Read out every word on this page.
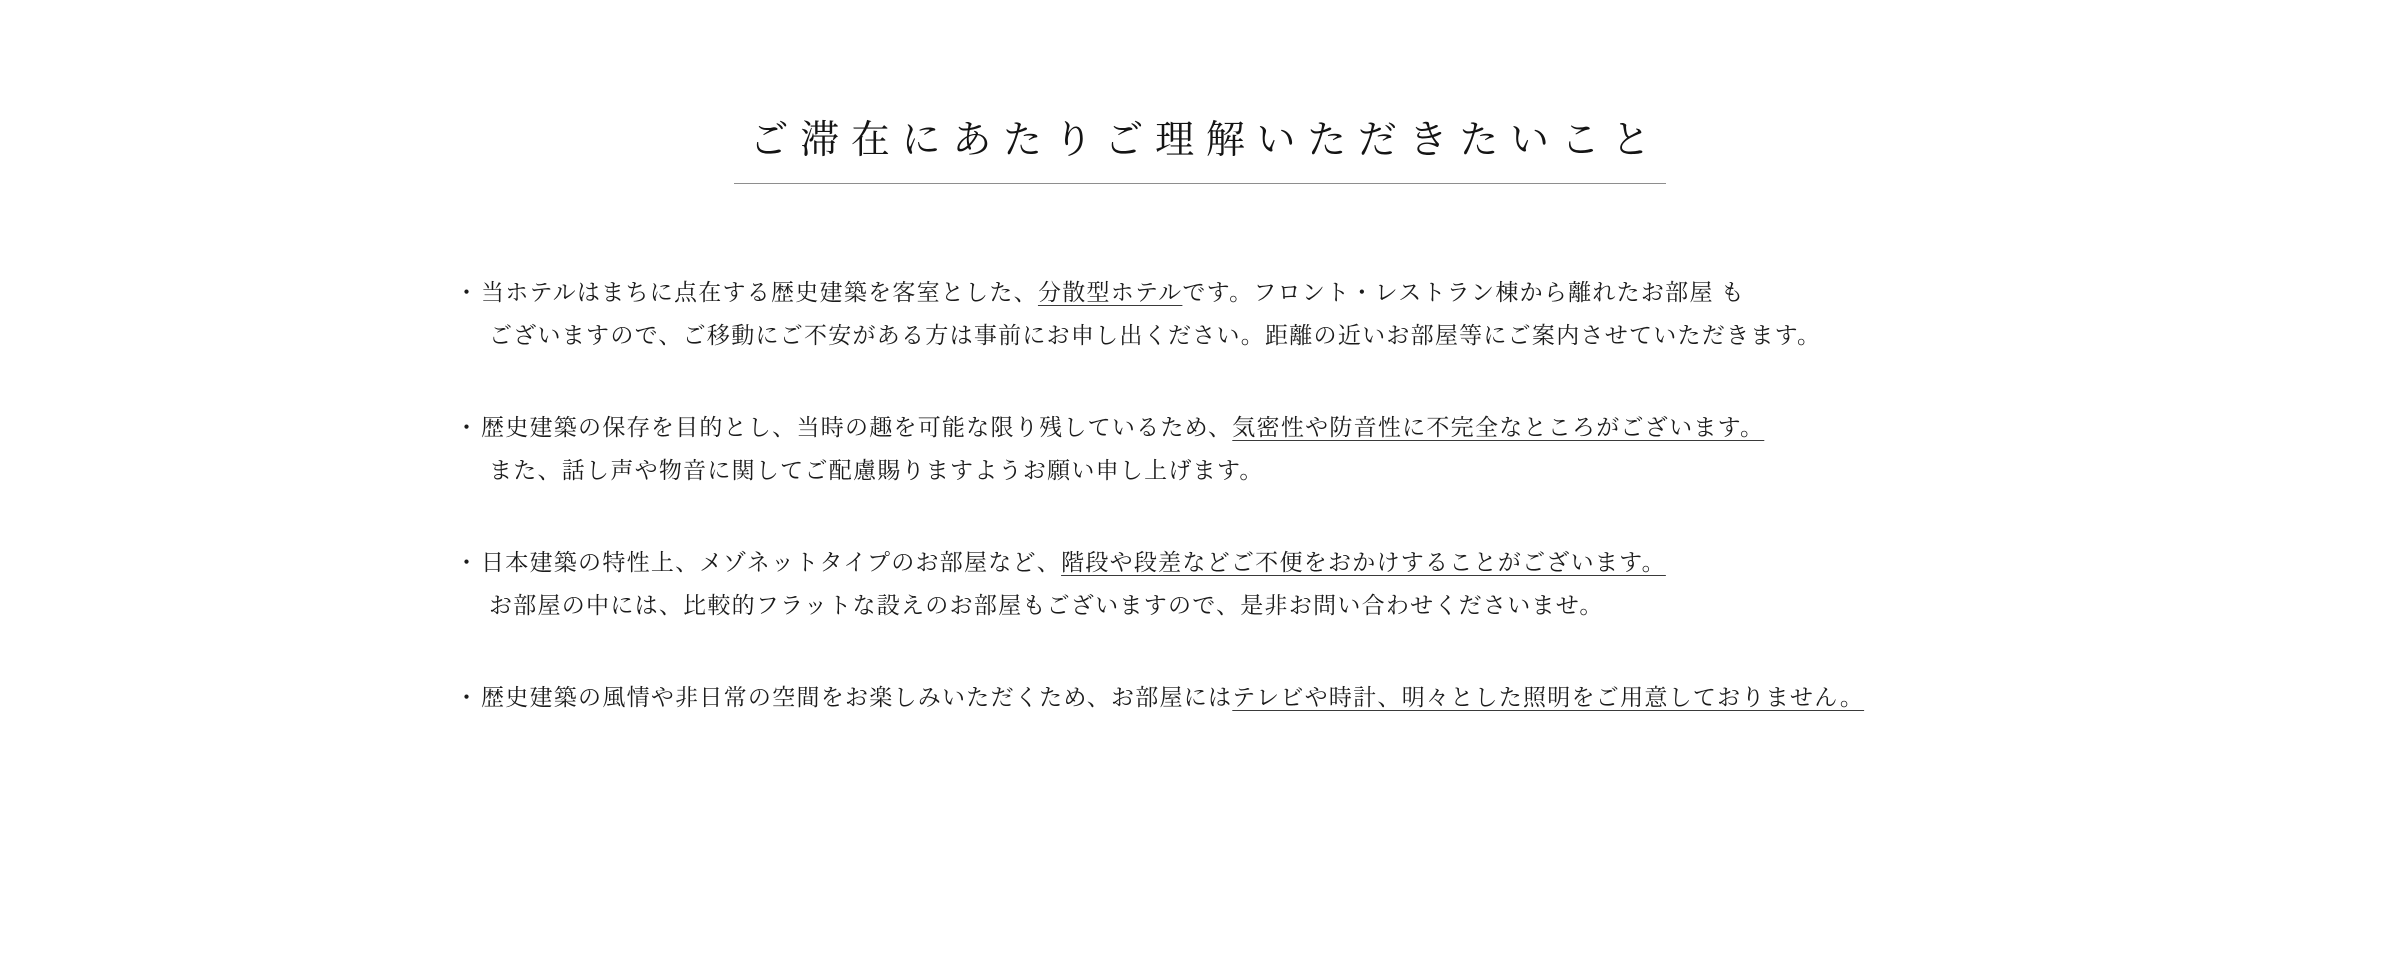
ご滞在にあたりご理解いただきたいこと
・当ホテルはまちに点在する歴史建築を客室とした、分散型ホテルです。フロント・レストラン棟から離れたお部屋 も
ございますので、ご移動にご不安がある方は事前にお申し出ください。距離の近いお部屋等にご案内させていただきます。
・歴史建築の保存を目的とし、当時の趣を可能な限り残しているため、気密性や防音性に不完全なところがございます。
また、話し声や物音に関してご配慮賜りますようお願い申し上げます。
・日本建築の特性上、メゾネットタイプのお部屋など、階段や段差などご不便をおかけすることがございます。
お部屋の中には、比較的フラットな設えのお部屋もございますので、是非お問い合わせくださいませ。
・歴史建築の風情や非日常の空間をお楽しみいただくため、お部屋にはテレビや時計、明々とした照明をご用意しておりません。
